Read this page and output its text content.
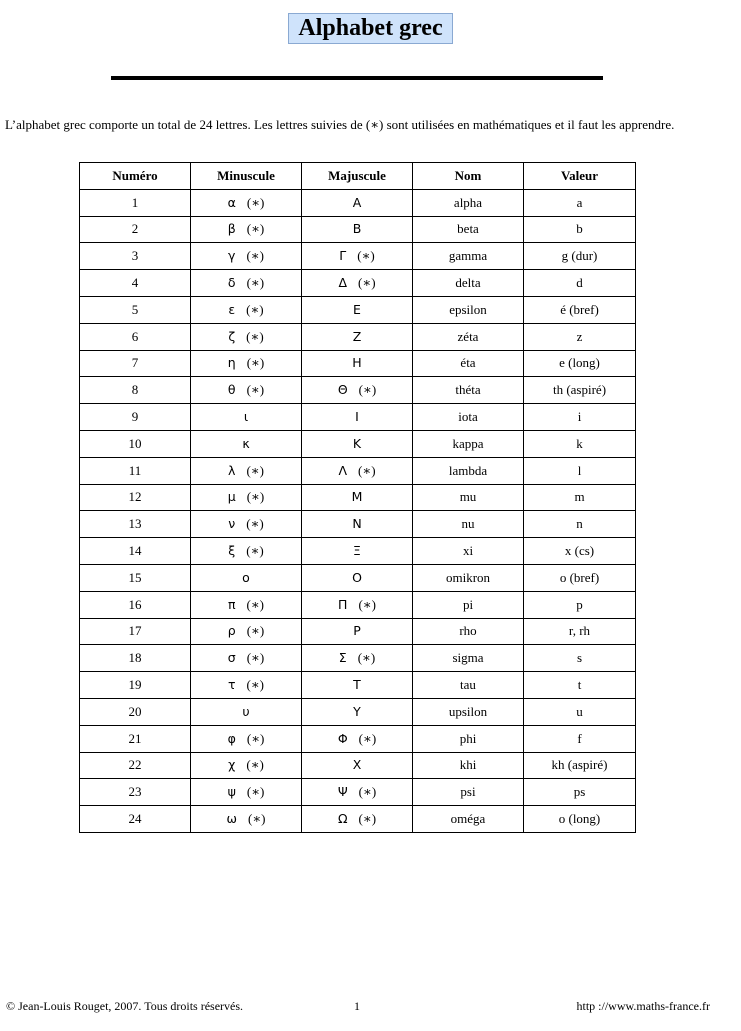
Alphabet grec

L’alphabet grec comporte un total de 24 lettres. Les lettres suivies de (∗) sont utilisées en mathématiques et il faut les apprendre.

Numéro	Minuscule	Majuscule	Nom	Valeur
1	α (∗)	A	alpha	a
2	β (∗)	B	beta	b
3	γ (∗)	Γ (∗)	gamma	g (dur)
4	δ (∗)	Δ (∗)	delta	d
5	ε (∗)	E	epsilon	é (bref)
6	ζ (∗)	Z	zéta	z
7	η (∗)	H	éta	e (long)
8	θ (∗)	Θ (∗)	théta	th (aspiré)
9	ι	I	iota	i
10	κ	K	kappa	k
11	λ (∗)	Λ (∗)	lambda	l
12	μ (∗)	M	mu	m
13	ν (∗)	N	nu	n
14	ξ (∗)	Ξ	xi	x (cs)
15	o	O	omikron	o (bref)
16	π (∗)	Π (∗)	pi	p
17	ρ (∗)	P	rho	r, rh
18	σ (∗)	Σ (∗)	sigma	s
19	τ (∗)	T	tau	t
20	υ	Υ	upsilon	u
21	φ (∗)	Φ (∗)	phi	f
22	χ (∗)	X	khi	kh (aspiré)
23	ψ (∗)	Ψ (∗)	psi	ps
24	ω (∗)	Ω (∗)	oméga	o (long)
© Jean-Louis Rouget, 2007. Tous droits réservés.	1	http ://www.maths-france.fr
